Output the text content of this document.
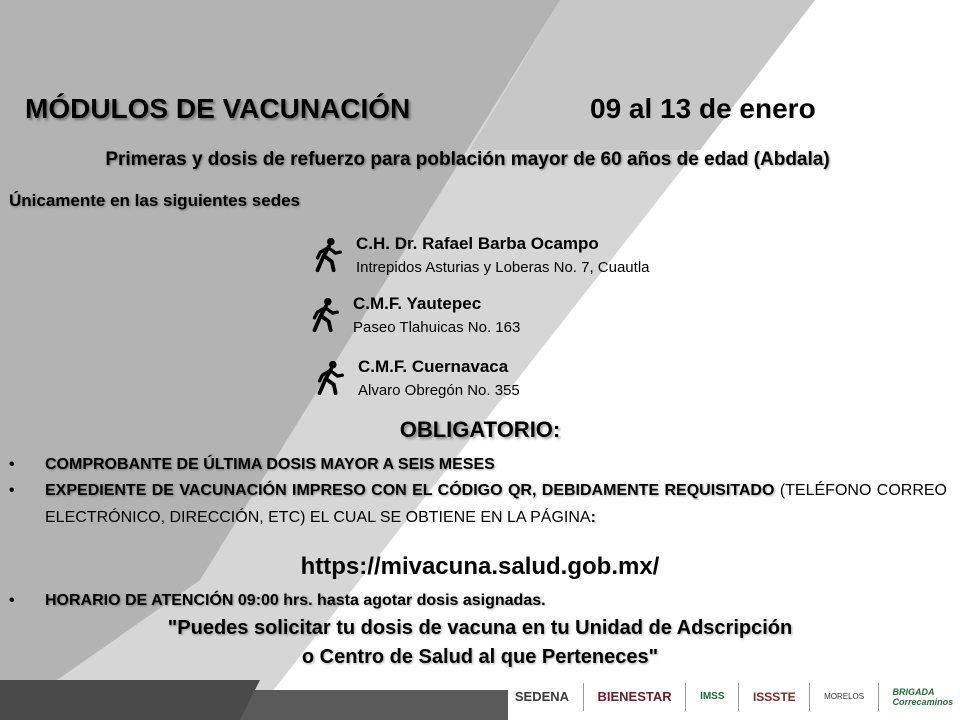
MÓDULOS DE VACUNACIÓN	09 al 13 de enero
Primeras y dosis de refuerzo para población mayor de 60 años de edad (Abdala)
Únicamente en las siguientes sedes
C.H. Dr. Rafael Barba Ocampo
Intrepidos Asturias y Loberas No. 7, Cuautla
C.M.F. Yautepec
Paseo Tlahuicas No. 163
C.M.F. Cuernavaca
Alvaro Obregón No. 355
OBLIGATORIO:
• COMPROBANTE DE ÚLTIMA DOSIS MAYOR A SEIS MESES
• EXPEDIENTE DE VACUNACIÓN IMPRESO CON EL CÓDIGO QR, DEBIDAMENTE REQUISITADO (TELÉFONO CORREO ELECTRÓNICO, DIRECCIÓN, ETC) EL CUAL SE OBTIENE EN LA PÁGINA:
https://mivacuna.salud.gob.mx/
• HORARIO DE ATENCIÓN 09:00 hrs. hasta agotar dosis asignadas.
"Puedes solicitar tu dosis de vacuna en tu Unidad de Adscripción
o Centro de Salud al que Perteneces"
SEDENA BIENESTAR	IMSS ISSSTE	MORELOS	BRIGADA
Correcaminos
